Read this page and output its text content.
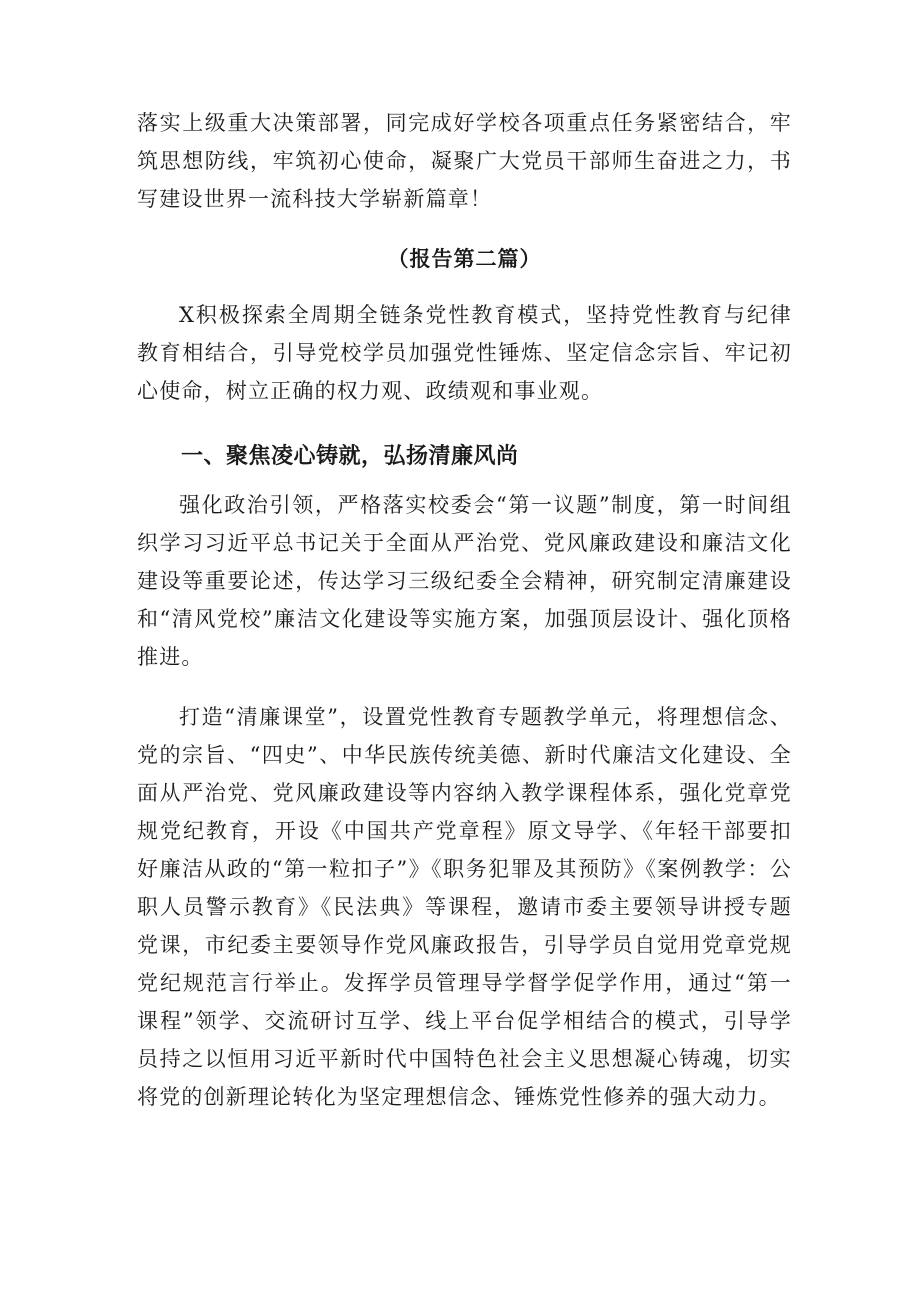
落实上级重大决策部署，同完成好学校各项重点任务紧密结合，牢筑思想防线，牢筑初心使命，凝聚广大党员干部师生奋进之力，书写建设世界一流科技大学崭新篇章！

（报告第二篇）

X积极探索全周期全链条党性教育模式，坚持党性教育与纪律教育相结合，引导党校学员加强党性锤炼、坚定信念宗旨、牢记初心使命，树立正确的权力观、政绩观和事业观。

一、聚焦凌心铸就，弘扬清廉风尚

强化政治引领，严格落实校委会“第一议题”制度，第一时间组织学习习近平总书记关于全面从严治党、党风廉政建设和廉洁文化建设等重要论述，传达学习三级纪委全会精神，研究制定清廉建设和“清风党校”廉洁文化建设等实施方案，加强顶层设计、强化顶格推进。

打造“清廉课堂”，设置党性教育专题教学单元，将理想信念、党的宗旨、“四史”、中华民族传统美德、新时代廉洁文化建设、全面从严治党、党风廉政建设等内容纳入教学课程体系，强化党章党规党纪教育，开设《中国共产党章程》原文导学、《年轻干部要扣好廉洁从政的“第一粒扣子”》《职务犯罪及其预防》《案例教学：公职人员警示教育》《民法典》等课程，邀请市委主要领导讲授专题党课，市纪委主要领导作党风廉政报告，引导学员自觉用党章党规党纪规范言行举止。发挥学员管理导学督学促学作用，通过“第一课程”领学、交流研讨互学、线上平台促学相结合的模式，引导学员持之以恒用习近平新时代中国特色社会主义思想凝心铸魂，切实将党的创新理论转化为坚定理想信念、锤炼党性修养的强大动力。
